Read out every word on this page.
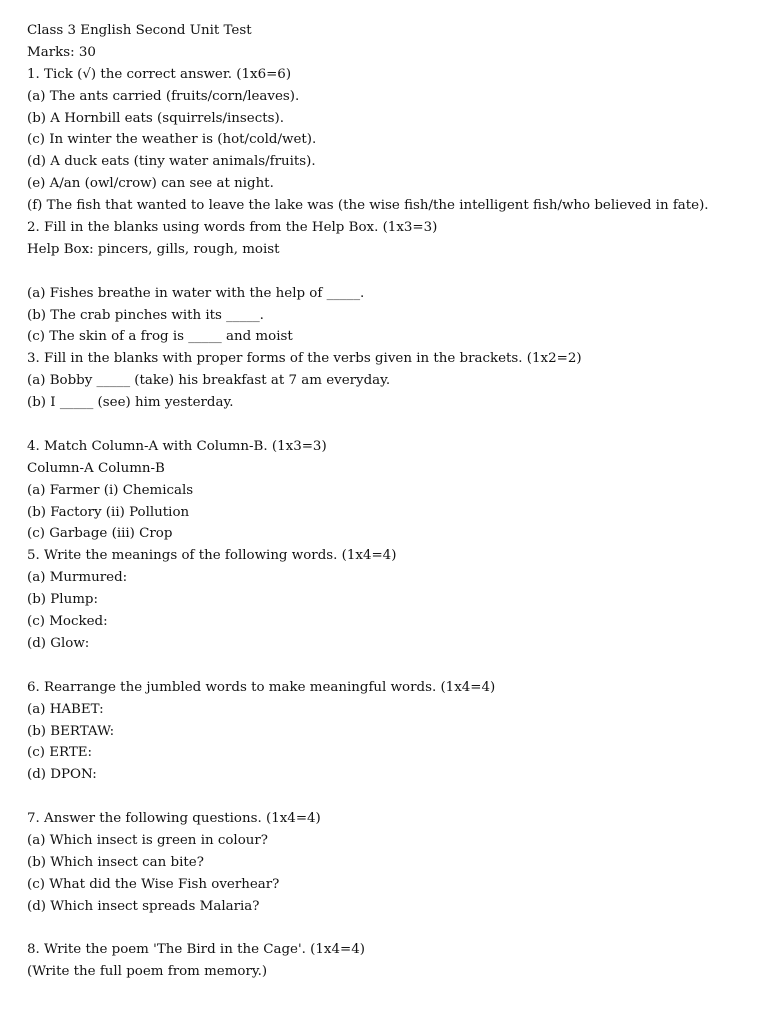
Class 3 English Second Unit Test
Marks: 30
1. Tick (√) the correct answer. (1x6=6)
(a) The ants carried (fruits/corn/leaves).
(b) A Hornbill eats (squirrels/insects).
(c) In winter the weather is (hot/cold/wet).
(d) A duck eats (tiny water animals/fruits).
(e) A/an (owl/crow) can see at night.
(f) The fish that wanted to leave the lake was (the wise fish/the intelligent fish/who believed in fate).
2. Fill in the blanks using words from the Help Box. (1x3=3)
Help Box: pincers, gills, rough, moist
(a) Fishes breathe in water with the help of _____.
(b) The crab pinches with its _____.
(c) The skin of a frog is _____ and moist
3. Fill in the blanks with proper forms of the verbs given in the brackets. (1x2=2)
(a) Bobby _____ (take) his breakfast at 7 am everyday.
(b) I _____ (see) him yesterday.
4. Match Column-A with Column-B. (1x3=3)
Column-A Column-B
(a) Farmer (i) Chemicals
(b) Factory (ii) Pollution
(c) Garbage (iii) Crop
5. Write the meanings of the following words. (1x4=4)
(a) Murmured:
(b) Plump:
(c) Mocked:
(d) Glow:
6. Rearrange the jumbled words to make meaningful words. (1x4=4)
(a) HABET:
(b) BERTAW:
(c) ERTE:
(d) DPON:
7. Answer the following questions. (1x4=4)
(a) Which insect is green in colour?
(b) Which insect can bite?
(c) What did the Wise Fish overhear?
(d) Which insect spreads Malaria?
8. Write the poem 'The Bird in the Cage'. (1x4=4)
(Write the full poem from memory.)
